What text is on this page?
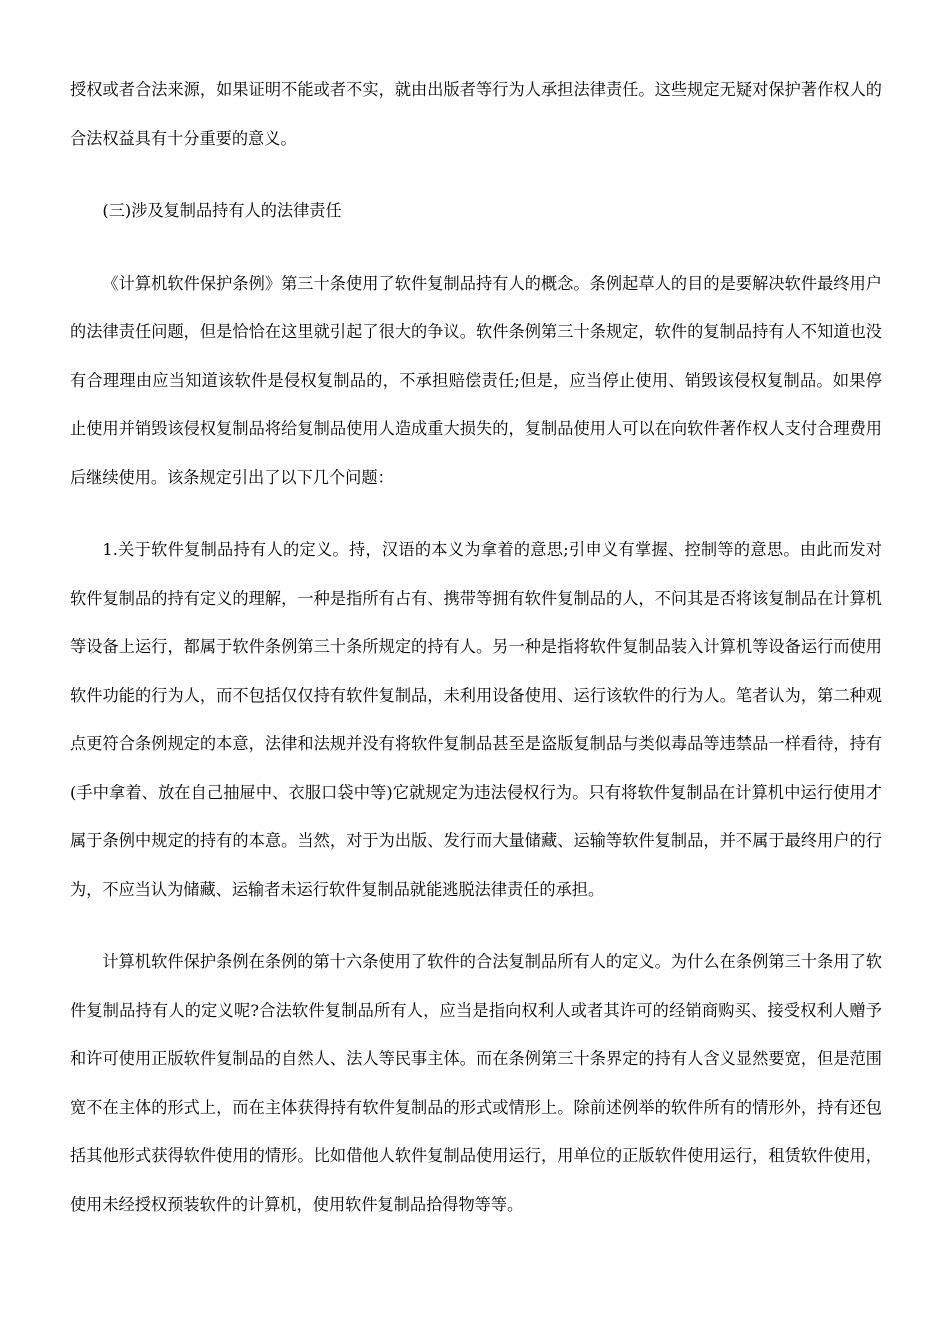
授权或者合法来源，如果证明不能或者不实，就由出版者等行为人承担法律责任。这些规定无疑对保护著作权人的合法权益具有十分重要的意义。

(三)涉及复制品持有人的法律责任

《计算机软件保护条例》第三十条使用了软件复制品持有人的概念。条例起草人的目的是要解决软件最终用户的法律责任问题，但是恰恰在这里就引起了很大的争议。软件条例第三十条规定，软件的复制品持有人不知道也没有合理理由应当知道该软件是侵权复制品的，不承担赔偿责任;但是，应当停止使用、销毁该侵权复制品。如果停止使用并销毁该侵权复制品将给复制品使用人造成重大损失的，复制品使用人可以在向软件著作权人支付合理费用后继续使用。该条规定引出了以下几个问题：

1.关于软件复制品持有人的定义。持，汉语的本义为拿着的意思;引申义有掌握、控制等的意思。由此而发对软件复制品的持有定义的理解，一种是指所有占有、携带等拥有软件复制品的人，不问其是否将该复制品在计算机等设备上运行，都属于软件条例第三十条所规定的持有人。另一种是指将软件复制品装入计算机等设备运行而使用软件功能的行为人，而不包括仅仅持有软件复制品，未利用设备使用、运行该软件的行为人。笔者认为，第二种观点更符合条例规定的本意，法律和法规并没有将软件复制品甚至是盗版复制品与类似毒品等违禁品一样看待，持有(手中拿着、放在自己抽屉中、衣服口袋中等)它就规定为违法侵权行为。只有将软件复制品在计算机中运行使用才属于条例中规定的持有的本意。当然，对于为出版、发行而大量储藏、运输等软件复制品，并不属于最终用户的行为，不应当认为储藏、运输者未运行软件复制品就能逃脱法律责任的承担。

计算机软件保护条例在条例的第十六条使用了软件的合法复制品所有人的定义。为什么在条例第三十条用了软件复制品持有人的定义呢?合法软件复制品所有人，应当是指向权利人或者其许可的经销商购买、接受权利人赠予和许可使用正版软件复制品的自然人、法人等民事主体。而在条例第三十条界定的持有人含义显然要宽，但是范围宽不在主体的形式上，而在主体获得持有软件复制品的形式或情形上。除前述例举的软件所有的情形外，持有还包括其他形式获得软件使用的情形。比如借他人软件复制品使用运行，用单位的正版软件使用运行，租赁软件使用，使用未经授权预装软件的计算机，使用软件复制品拾得物等等。
